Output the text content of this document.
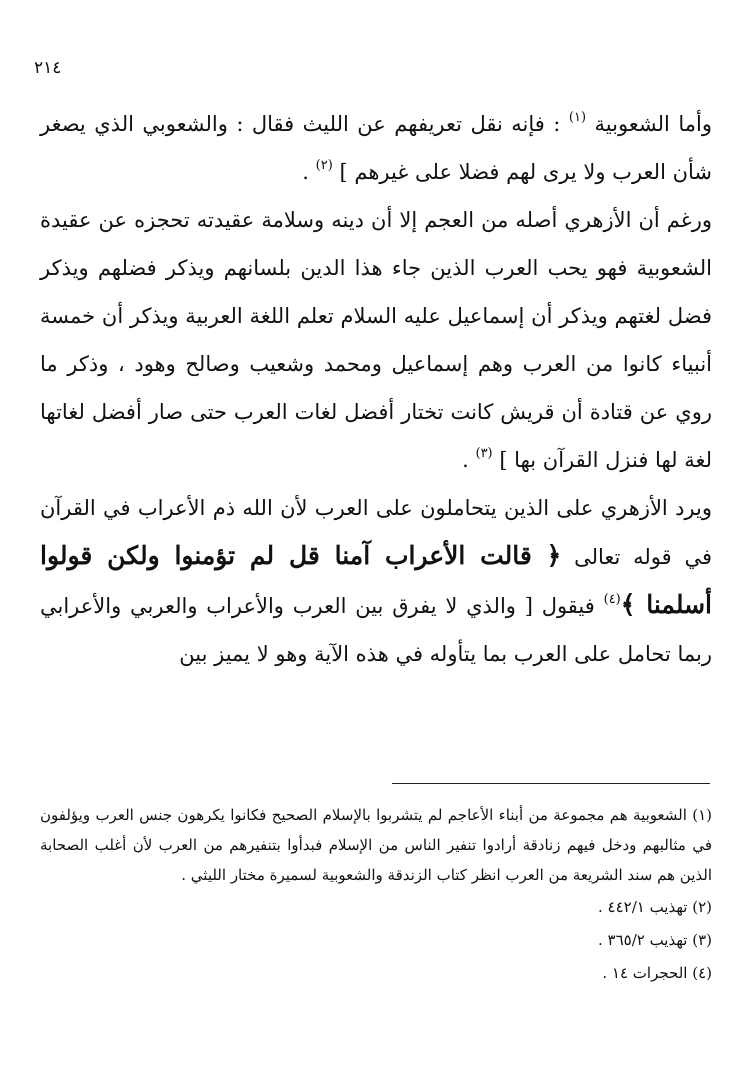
٢١٤

وأما الشعوبية $^{(١)}$ : فإنه نقل تعريفهم عن الليث فقال : والشعوبي الذي يصغر شأن العرب ولا يرى لهم فضلا على غيرهم ] $^{(٢)}$ .

ورغم أن الأزهري أصله من العجم إلا أن دينه وسلامة عقيدته تحجزه عن عقيدة الشعوبية فهو يحب العرب الذين جاء هذا الدين بلسانهم ويذكر فضلهم ويذكر فضل لغتهم ويذكر أن إسماعيل عليه السلام تعلم اللغة العربية ويذكر أن خمسة أنبياء كانوا من العرب وهم إسماعيل ومحمد وشعيب وصالح وهود ، وذكر ما روي عن قتادة أن قريش كانت تختار أفضل لغات العرب حتى صار أفضل لغاتها لغة لها فنزل القرآن بها ] $^{(٣)}$ .

ويرد الأزهري على الذين يتحاملون على العرب لأن الله ذم الأعراب في القرآن في قوله تعالى ﴿ قالت الأعراب آمنا قل لم تؤمنوا ولكن قولوا أسلمنا ﴾$^{(٤)}$ فيقول [ والذي لا يفرق بين العرب والأعراب والعربي والأعرابي ربما تحامل على العرب بما يتأوله في هذه الآية وهو لا يميز بين

(١) الشعوبية هم مجموعة من أبناء الأعاجم لم يتشربوا بالإسلام الصحيح فكانوا يكرهون جنس العرب ويؤلفون في مثالبهم ودخل فيهم زنادقة أرادوا تنفير الناس من الإسلام فبدأوا بتنفيرهم من العرب لأن أغلب الصحابة الذين هم سند الشريعة من العرب انظر كتاب الزندقة والشعوبية لسميرة مختار الليثي .

(٢) تهذيب ٤٤٢/١ .

(٣) تهذيب ٣٦٥/٢ .

(٤) الحجرات ١٤ .
